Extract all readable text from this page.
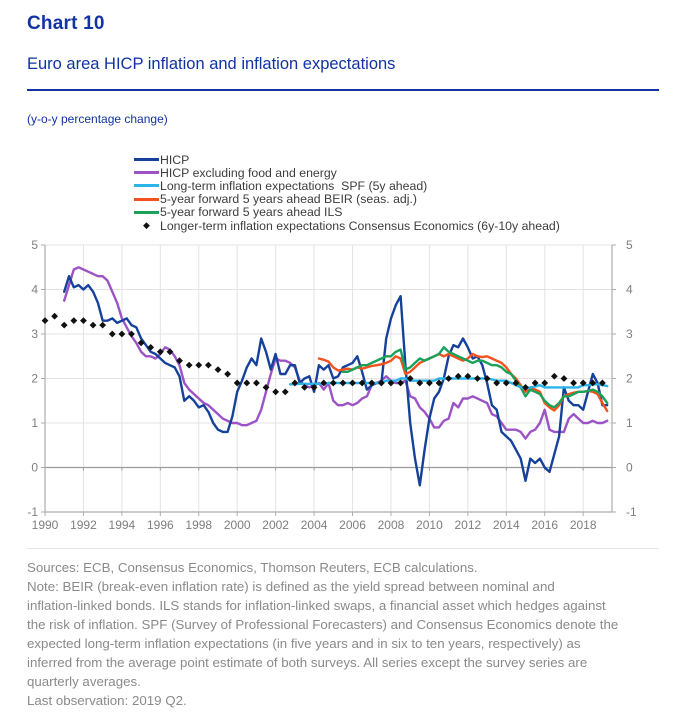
Chart 10
Euro area HICP inflation and inflation expectations
(y-o-y percentage change)
HICP
HICP excluding food and energy
Long-term inflation expectations  SPF (5y ahead)
5-year forward 5 years ahead BEIR (seas. adj.)
5-year forward 5 years ahead ILS
◆ Longer-term inflation expectations Consensus Economics (6y-10y ahead)
-1	-1
0	0
1	1
2	2
3	3
4	4
5	5
1990 1992 1994 1996 1998 2000 2002 2004 2006 2008 2010 2012 2014 2016 2018
Sources: ECB, Consensus Economics, Thomson Reuters, ECB calculations.
Note: BEIR (break-even inflation rate) is defined as the yield spread between nominal and
inflation-linked bonds. ILS stands for inflation-linked swaps, a financial asset which hedges against
the risk of inflation. SPF (Survey of Professional Forecasters) and Consensus Economics denote the
expected long-term inflation expectations (in five years and in six to ten years, respectively) as
inferred from the average point estimate of both surveys. All series except the survey series are
quarterly averages.
Last observation: 2019 Q2.
